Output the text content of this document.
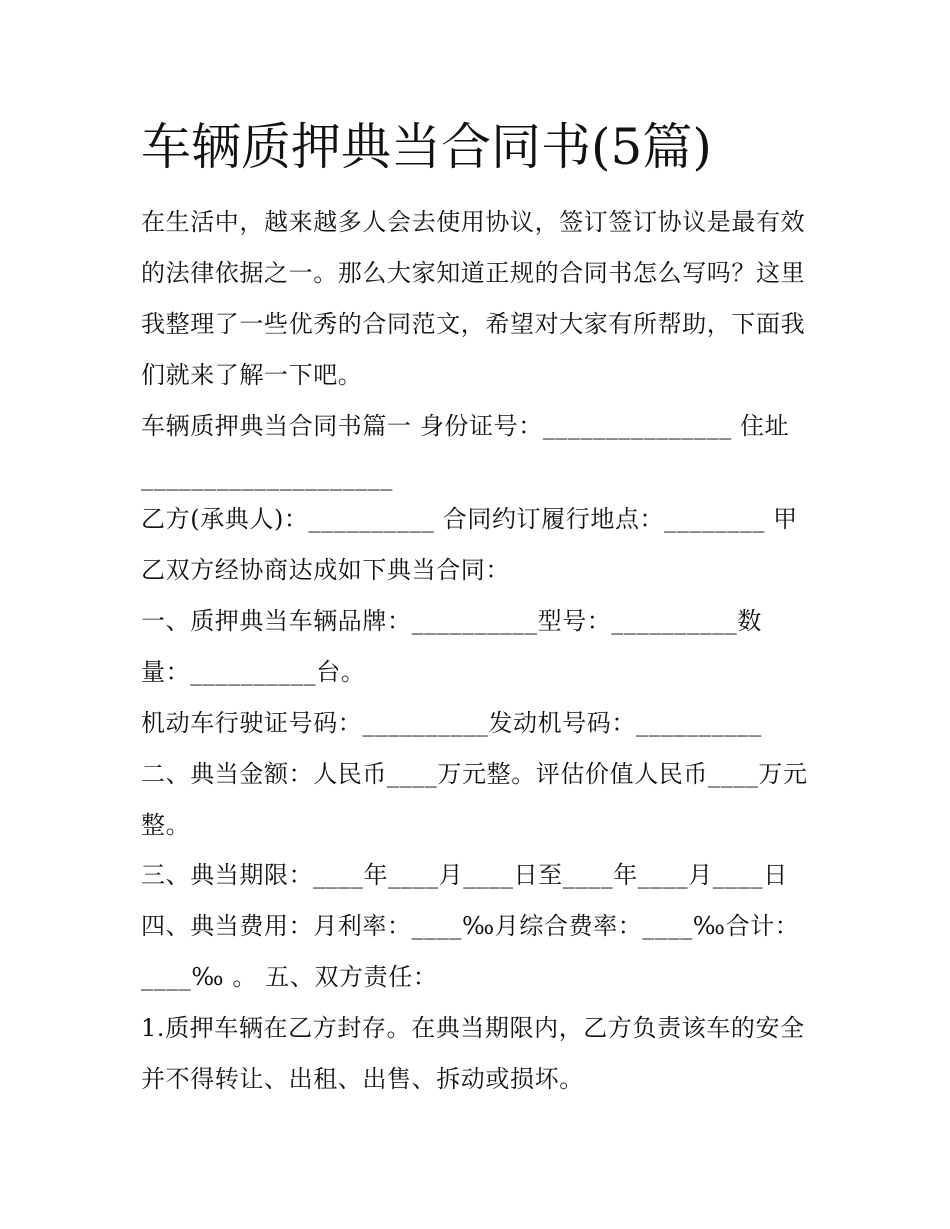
车辆质押典当合同书(5篇)
在生活中，越来越多人会去使用协议，签订签订协议是最有效
的法律依据之一。那么大家知道正规的合同书怎么写吗？这里
我整理了一些优秀的合同范文，希望对大家有所帮助，下面我
们就来了解一下吧。
车辆质押典当合同书篇一 身份证号：_______________ 住址
____________________
乙方(承典人)：__________ 合同约订履行地点：________ 甲
乙双方经协商达成如下典当合同：
一、质押典当车辆品牌：__________型号：__________数
量：__________台。
机动车行驶证号码：__________发动机号码：__________
二、典当金额：人民币____万元整。评估价值人民币____万元
整。
三、典当期限：____年____月____日至____年____月____日
四、典当费用：月利率：____‰月综合费率：____‰合计：
____‰ 。 五、双方责任：
1.质押车辆在乙方封存。在典当期限内，乙方负责该车的安全
并不得转让、出租、出售、拆动或损坏。
